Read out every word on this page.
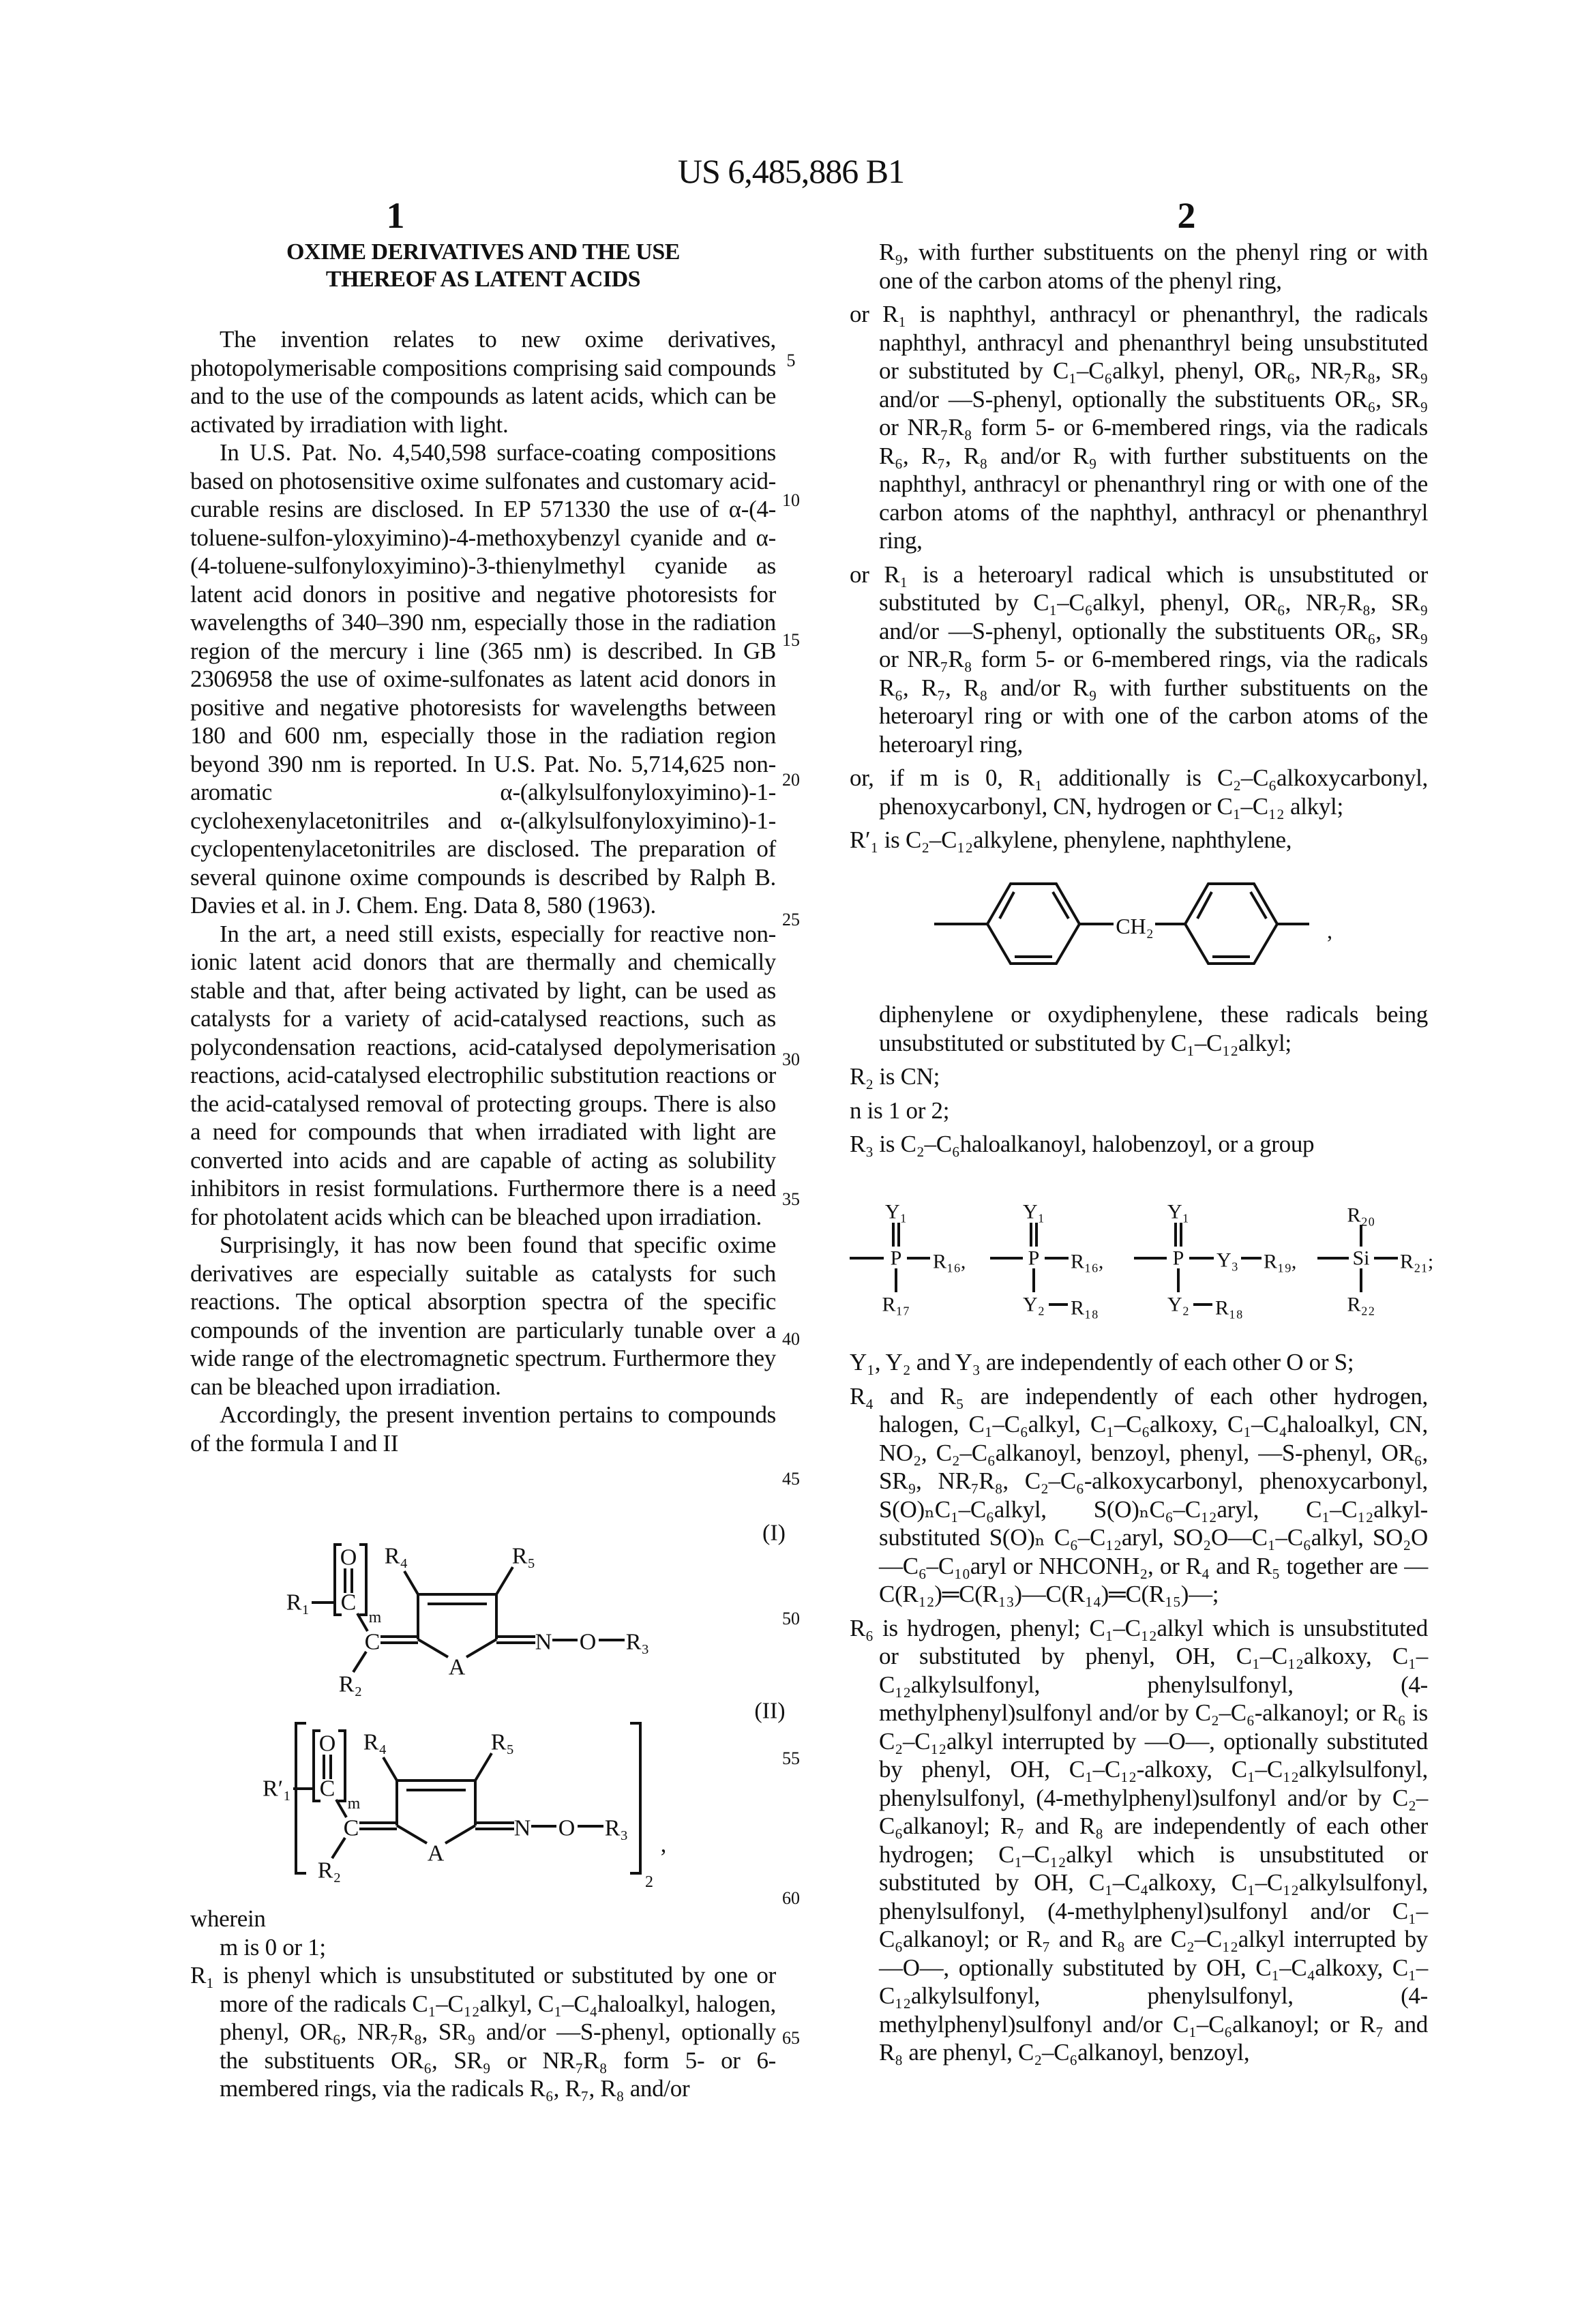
US 6,485,886 B1
1	2
OXIME DERIVATIVES AND THE USE
THEREOF AS LATENT ACIDS

The invention relates to new oxime derivatives, photopolymerisable compositions comprising said compounds and to the use of the compounds as latent acids, which can be activated by irradiation with light.

In U.S. Pat. No. 4,540,598 surface-coating compositions based on photosensitive oxime sulfonates and customary acid-curable resins are disclosed. In EP 571330 the use of α-(4-toluene-sulfon-yloxyimino)-4-methoxybenzyl cyanide and α-(4-toluene-sulfonyloxyimino)-3-thienylmethyl cyanide as latent acid donors in positive and negative photoresists for wavelengths of 340–390 nm, especially those in the radiation region of the mercury i line (365 nm) is described. In GB 2306958 the use of oxime-sulfonates as latent acid donors in positive and negative photoresists for wavelengths between 180 and 600 nm, especially those in the radiation region beyond 390 nm is reported. In U.S. Pat. No. 5,714,625 non-aromatic α-(alkylsulfonyloxyimino)-1-cyclohexenylacetonitriles and α-(alkylsulfonyloxyimino)-1-cyclopentenylacetonitriles are disclosed. The preparation of several quinone oxime compounds is described by Ralph B. Davies et al. in J. Chem. Eng. Data 8, 580 (1963).

In the art, a need still exists, especially for reactive non-ionic latent acid donors that are thermally and chemically stable and that, after being activated by light, can be used as catalysts for a variety of acid-catalysed reactions, such as polycondensation reactions, acid-catalysed depolymerisation reactions, acid-catalysed electrophilic substitution reactions or the acid-catalysed removal of protecting groups. There is also a need for compounds that when irradiated with light are converted into acids and are capable of acting as solubility inhibitors in resist formulations. Furthermore there is a need for photolatent acids which can be bleached upon irradiation.

Surprisingly, it has now been found that specific oxime derivatives are especially suitable as catalysts for such reactions. The optical absorption spectra of the specific compounds of the invention are particularly tunable over a wide range of the electromagnetic spectrum. Furthermore they can be bleached upon irradiation.

Accordingly, the present invention pertains to compounds of the formula I and II

wherein

m is 0 or 1;

R₁ is phenyl which is unsubstituted or substituted by one or more of the radicals C₁–C₁₂alkyl, C₁–C₄haloalkyl, halogen, phenyl, OR₆, NR₇R₈, SR₉ and/or —S-phenyl, optionally the substituents OR₆, SR₉ or NR₇R₈ form 5- or 6-membered rings, via the radicals R₆, R₇, R₈ and/or

R₉, with further substituents on the phenyl ring or with one of the carbon atoms of the phenyl ring,

or R₁ is naphthyl, anthracyl or phenanthryl, the radicals naphthyl, anthracyl and phenanthryl being unsubstituted or substituted by C₁–C₆alkyl, phenyl, OR₆, NR₇R₈, SR₉ and/or —S-phenyl, optionally the substituents OR₆, SR₉ or NR₇R₈ form 5- or 6-membered rings, via the radicals R₆, R₇, R₈ and/or R₉ with further substituents on the naphthyl, anthracyl or phenanthryl ring or with one of the carbon atoms of the naphthyl, anthracyl or phenanthryl ring,

or R₁ is a heteroaryl radical which is unsubstituted or substituted by C₁–C₆alkyl, phenyl, OR₆, NR₇R₈, SR₉ and/or —S-phenyl, optionally the substituents OR₆, SR₉ or NR₇R₈ form 5- or 6-membered rings, via the radicals R₆, R₇, R₈ and/or R₉ with further substituents on the heteroaryl ring or with one of the carbon atoms of the heteroaryl ring,

or, if m is 0, R₁ additionally is C₂–C₆alkoxycarbonyl, phenoxycarbonyl, CN, hydrogen or C₁–C₁₂ alkyl;

R′₁ is C₂–C₁₂alkylene, phenylene, naphthylene,

diphenylene or oxydiphenylene, these radicals being unsubstituted or substituted by C₁–C₁₂alkyl;

R₂ is CN;

n is 1 or 2;

R₃ is C₂–C₆haloalkanoyl, halobenzoyl, or a group

Y₁, Y₂ and Y₃ are independently of each other O or S;

R₄ and R₅ are independently of each other hydrogen, halogen, C₁–C₆alkyl, C₁–C₆alkoxy, C₁–C₄haloalkyl, CN, NO₂, C₂–C₆alkanoyl, benzoyl, phenyl, —S-phenyl, OR₆, SR₉, NR₇R₈, C₂–C₆-alkoxycarbonyl, phenoxycarbonyl, S(O)ₙC₁–C₆alkyl, S(O)ₙC₆–C₁₂aryl, C₁–C₁₂alkyl-substituted S(O)ₙ C₆–C₁₂aryl, SO₂O—C₁–C₆alkyl, SO₂O—C₆–C₁₀aryl or NHCONH₂, or R₄ and R₅ together are —C(R₁₂)═C(R₁₃)—C(R₁₄)═C(R₁₅)—;

R₆ is hydrogen, phenyl; C₁–C₁₂alkyl which is unsubstituted or substituted by phenyl, OH, C₁–C₁₂alkoxy, C₁–C₁₂alkylsulfonyl, phenylsulfonyl, (4-methylphenyl)sulfonyl and/or by C₂–C₆-alkanoyl; or R₆ is C₂–C₁₂alkyl interrupted by —O—, optionally substituted by phenyl, OH, C₁–C₁₂-alkoxy, C₁–C₁₂alkylsulfonyl, phenylsulfonyl, (4-methylphenyl)sulfonyl and/or by C₂–C₆alkanoyl; R₇ and R₈ are independently of each other hydrogen; C₁–C₁₂alkyl which is unsubstituted or substituted by OH, C₁–C₄alkoxy, C₁–C₁₂alkylsulfonyl, phenylsulfonyl, (4-methylphenyl)sulfonyl and/or C₁–C₆alkanoyl; or R₇ and R₈ are C₂–C₁₂alkyl interrupted by —O—, optionally substituted by OH, C₁–C₄alkoxy, C₁–C₁₂alkylsulfonyl, phenylsulfonyl, (4-methylphenyl)sulfonyl and/or C₁–C₆alkanoyl; or R₇ and R₈ are phenyl, C₂–C₆alkanoyl, benzoyl,

5
10
15
20
25
30
35
40
45
50
55
60
65
(I)
O
C
m
R₁
A
R₄	R₅
C
R₂
N O R₃
(II)
2
,
O
C
m
R′₁
A
R₄	R₅
C
R₂
N O R₃
CH₂	,
Y₁
P R₁₆,
R₁₇
Y₁
P R₁₆,
Y₂ R₁₈
Y₁
P Y₃ R₁₉,
Y₂ R₁₈
R₂₀
Si R₂₁;
R₂₂
